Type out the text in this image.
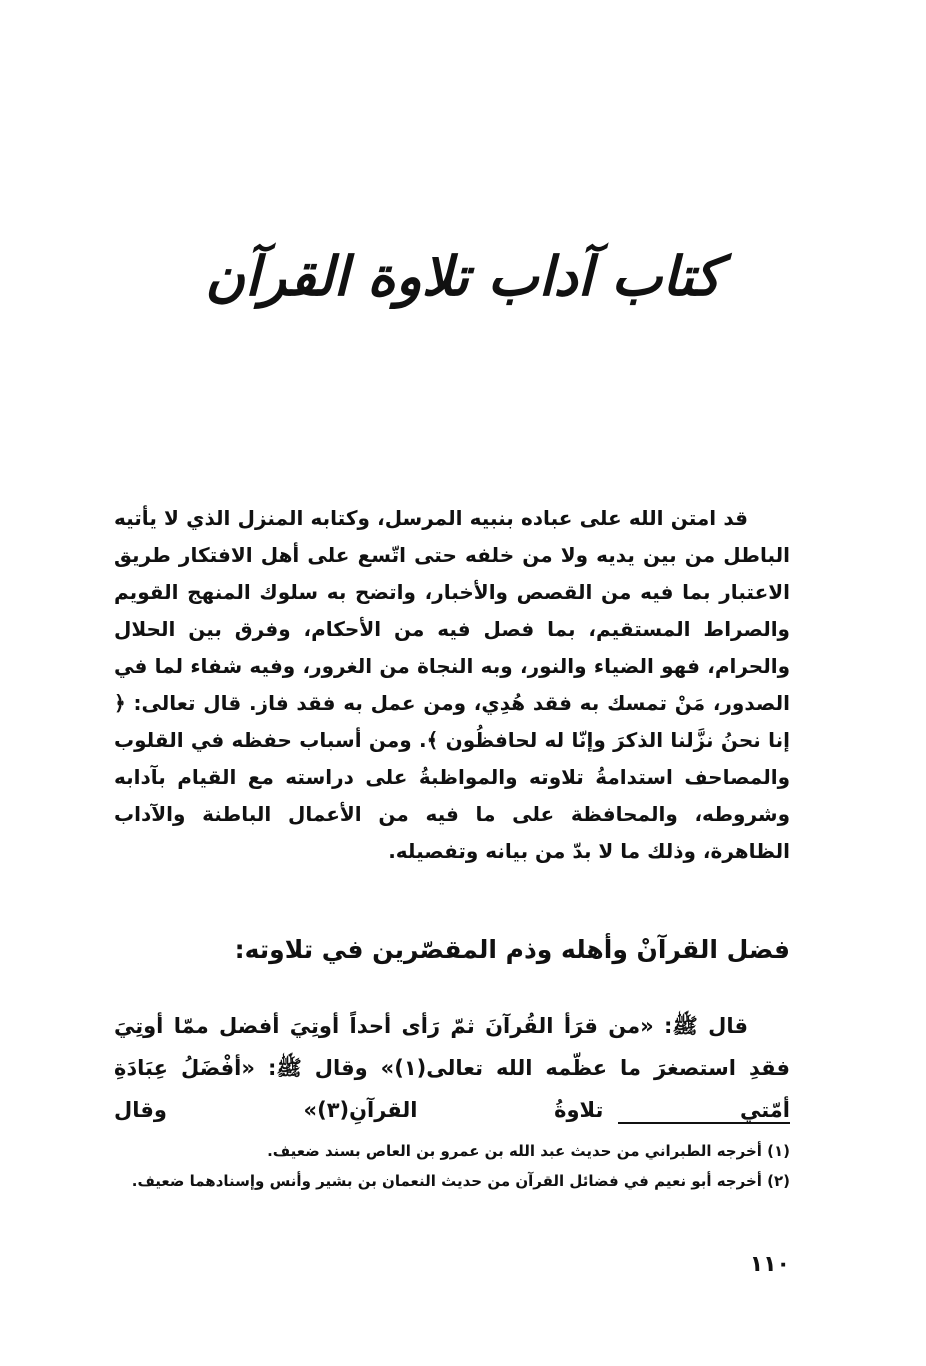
كتاب آداب تلاوة القرآن

قد امتن الله على عباده بنبيه المرسل، وكتابه المنزل الذي لا يأتيه الباطل من بين يديه ولا من خلفه حتى اتّسع على أهل الافتكار طريق الاعتبار بما فيه من القصص والأخبار، واتضح به سلوك المنهج القويم والصراط المستقيم، بما فصل فيه من الأحكام، وفرق بين الحلال والحرام، فهو الضياء والنور، وبه النجاة من الغرور، وفيه شفاء لما في الصدور، مَنْ تمسك به فقد هُدِي، ومن عمل به فقد فاز. قال تعالى: ﴿ إنا نحنُ نزَّلنا الذكرَ وإنّا له لحافظُون ﴾. ومن أسباب حفظه في القلوب والمصاحف استدامةُ تلاوته والمواظبةُ على دراسته مع القيام بآدابه وشروطه، والمحافظة على ما فيه من الأعمال الباطنة والآداب الظاهرة، وذلك ما لا بدّ من بيانه وتفصيله.

فضل القرآنْ وأهله وذم المقصّرين في تلاوته:

قال ﷺ: «من قرَأ القُرآنَ ثمّ رَأى أحداً أوتِيَ أفضل ممّا أوتِيَ فقدِ استصغرَ ما عظّمه الله تعالى(١)» وقال ﷺ: «أفْضَلُ عِبَادَةِ أمّتي تلاوةُ القرآنِ(٣)» وقال

(١) أخرجه الطبراني من حديث عبد الله بن عمرو بن العاص بسند ضعيف.

(٢) أخرجه أبو نعيم في فضائل القرآن من حديث النعمان بن بشير وأنس وإسنادهما ضعيف.

١١٠
